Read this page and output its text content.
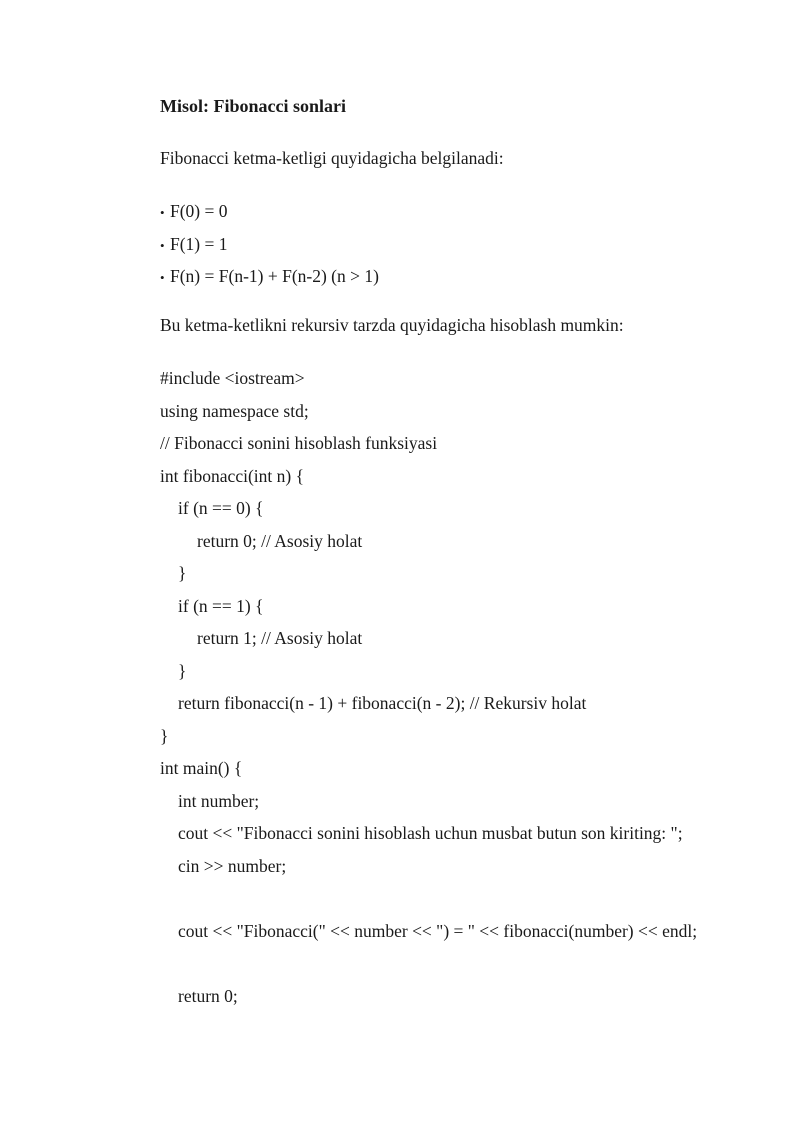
Misol: Fibonacci sonlari
Fibonacci ketma-ketligi quyidagicha belgilanadi:
• F(0) = 0
• F(1) = 1
• F(n) = F(n-1) + F(n-2) (n > 1)
Bu ketma-ketlikni rekursiv tarzda quyidagicha hisoblash mumkin:
#include <iostream>
using namespace std;
// Fibonacci sonini hisoblash funksiyasi
int fibonacci(int n) {
if (n == 0) {
return 0; // Asosiy holat
}
if (n == 1) {
return 1; // Asosiy holat
}
return fibonacci(n - 1) + fibonacci(n - 2); // Rekursiv holat
}
int main() {
int number;
cout << "Fibonacci sonini hisoblash uchun musbat butun son kiriting: ";
cin >> number;
cout << "Fibonacci(" << number << ") = " << fibonacci(number) << endl;
return 0;
